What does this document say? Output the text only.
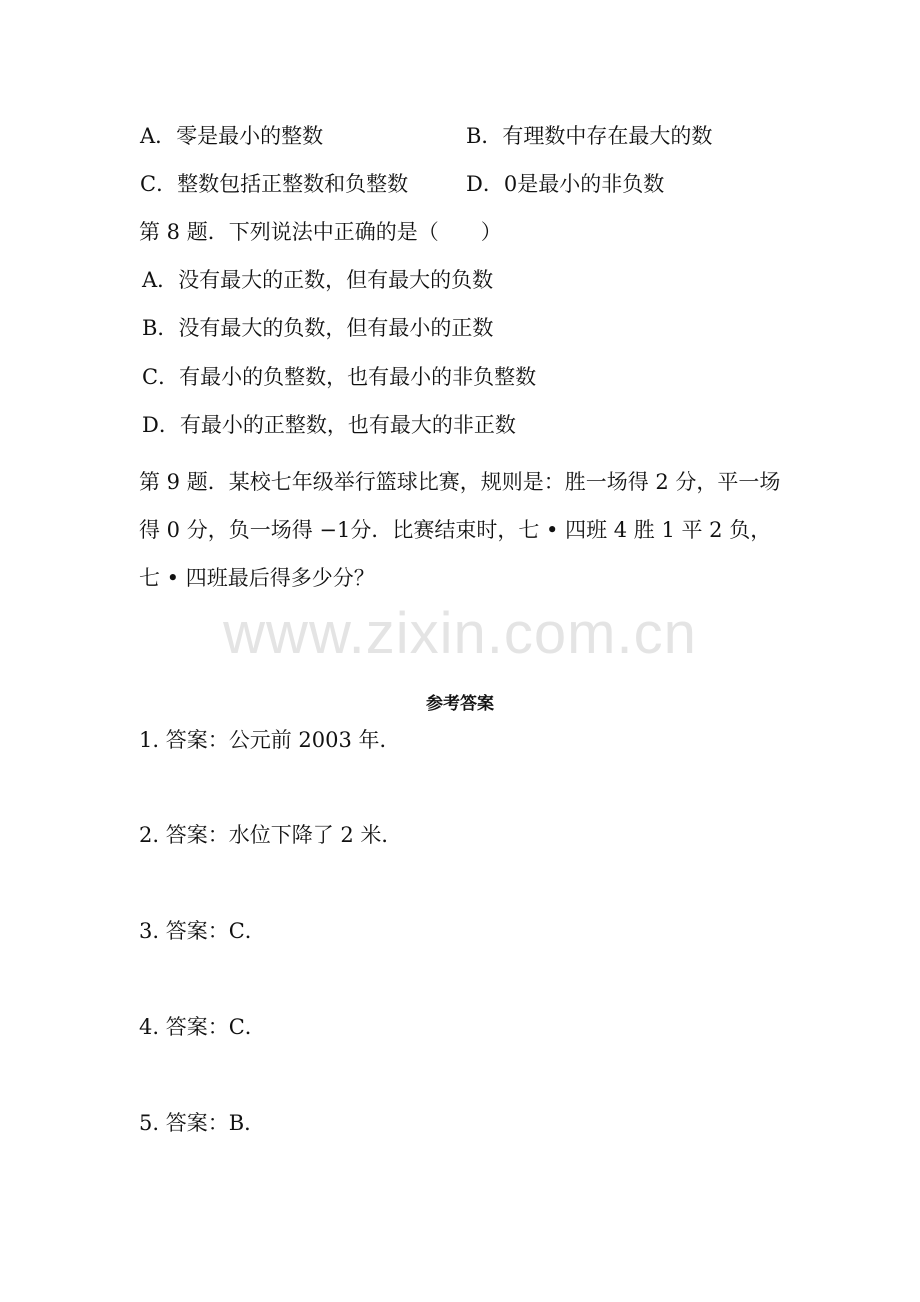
A．零是最小的整数	B．有理数中存在最大的数
C．整数包括正整数和负整数	D．0是最小的非负数
第 8 题．下列说法中正确的是（　　）
A．没有最大的正数，但有最大的负数
B．没有最大的负数，但有最小的正数
C．有最小的负整数，也有最小的非负整数
D．有最小的正整数，也有最大的非正数
第 9 题．某校七年级举行篮球比赛，规则是：胜一场得 2 分，平一场得 0 分，负一场得 −1分．比赛结束时，七 • 四班 4 胜 1 平 2 负，七 • 四班最后得多少分？
www.zixin.com.cn
参考答案
1. 答案：公元前 2003 年．
2. 答案：水位下降了 2 米．
3. 答案：C．
4. 答案：C．
5. 答案：B．
